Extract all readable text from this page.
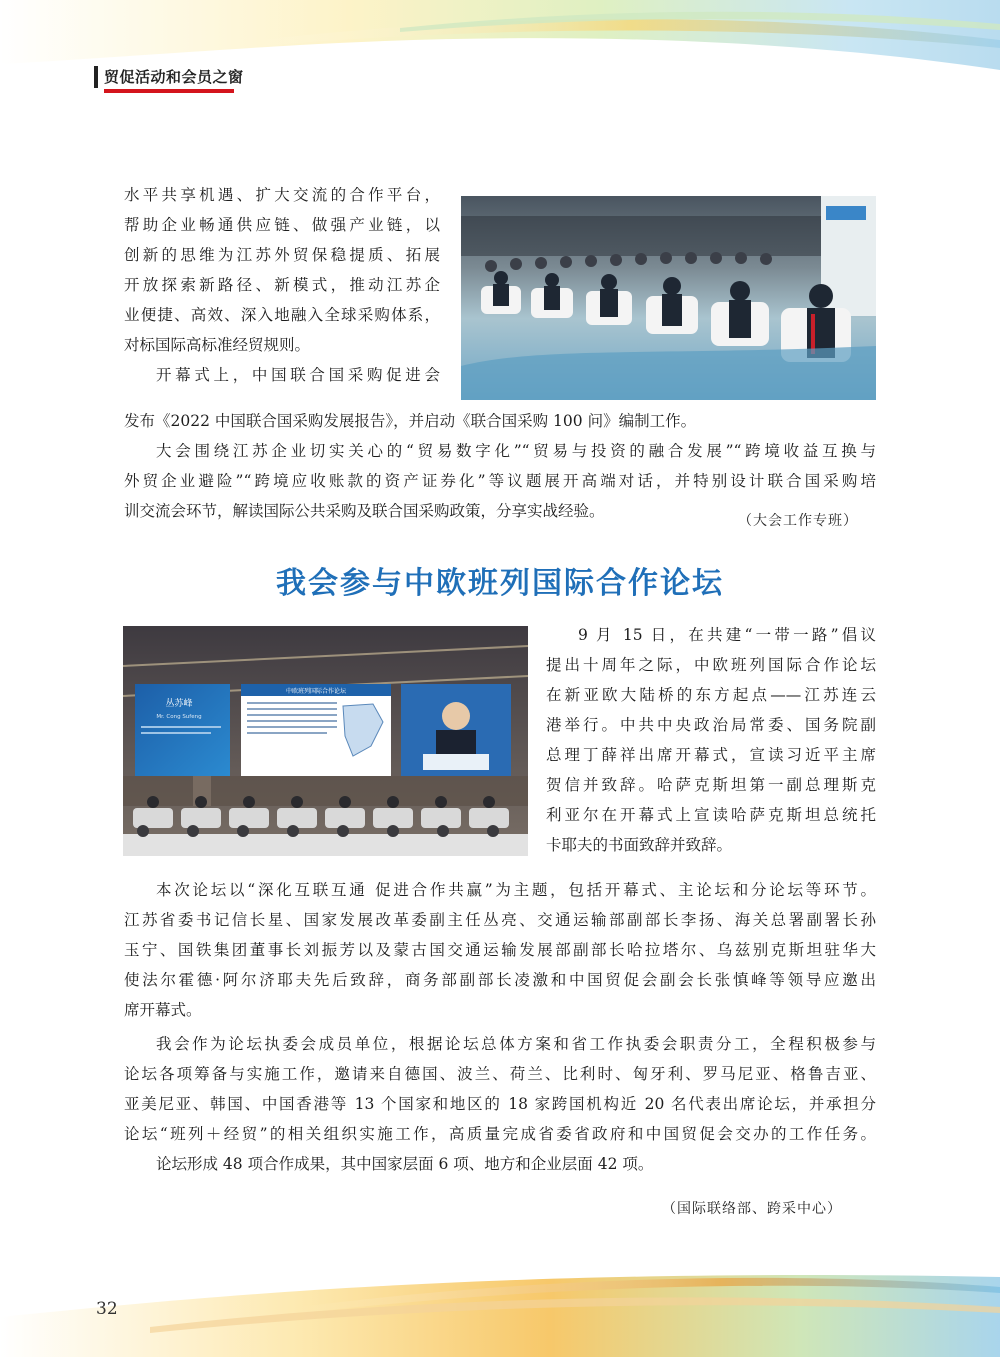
贸促活动和会员之窗
水平共享机遇、扩大交流的合作平台，
帮助企业畅通供应链、做强产业链，以
创新的思维为江苏外贸保稳提质、拓展
开放探索新路径、新模式，推动江苏企
业便捷、高效、深入地融入全球采购体系，
对标国际高标准经贸规则。
开幕式上，中国联合国采购促进会
发布《2022 中国联合国采购发展报告》，并启动《联合国采购 100 问》编制工作。
大会围绕江苏企业切实关心的“贸易数字化”“贸易与投资的融合发展”“跨境收益互换与
外贸企业避险”“跨境应收账款的资产证券化”等议题展开高端对话，并特别设计联合国采购培
训交流会环节，解读国际公共采购及联合国采购政策，分享实战经验。
（大会工作专班）
我会参与中欧班列国际合作论坛
丛苏峰
Mr. Cong Sufeng
中欧班列国际合作论坛
9 月 15 日，在共建“一带一路”倡议
提出十周年之际，中欧班列国际合作论坛
在新亚欧大陆桥的东方起点——江苏连云
港举行。中共中央政治局常委、国务院副
总理丁薛祥出席开幕式，宣读习近平主席
贺信并致辞。哈萨克斯坦第一副总理斯克
利亚尔在开幕式上宣读哈萨克斯坦总统托
卡耶夫的书面致辞并致辞。
本次论坛以“深化互联互通 促进合作共赢”为主题，包括开幕式、主论坛和分论坛等环节。
江苏省委书记信长星、国家发展改革委副主任丛亮、交通运输部副部长李扬、海关总署副署长孙
玉宁、国铁集团董事长刘振芳以及蒙古国交通运输发展部副部长哈拉塔尔、乌兹别克斯坦驻华大
使法尔霍德·阿尔济耶夫先后致辞，商务部副部长凌激和中国贸促会副会长张慎峰等领导应邀出
席开幕式。
我会作为论坛执委会成员单位，根据论坛总体方案和省工作执委会职责分工，全程积极参与
论坛各项筹备与实施工作，邀请来自德国、波兰、荷兰、比利时、匈牙利、罗马尼亚、格鲁吉亚、
亚美尼亚、韩国、中国香港等 13 个国家和地区的 18 家跨国机构近 20 名代表出席论坛，并承担分
论坛“班列＋经贸”的相关组织实施工作，高质量完成省委省政府和中国贸促会交办的工作任务。
论坛形成 48 项合作成果，其中国家层面 6 项、地方和企业层面 42 项。
（国际联络部、跨采中心）
32
